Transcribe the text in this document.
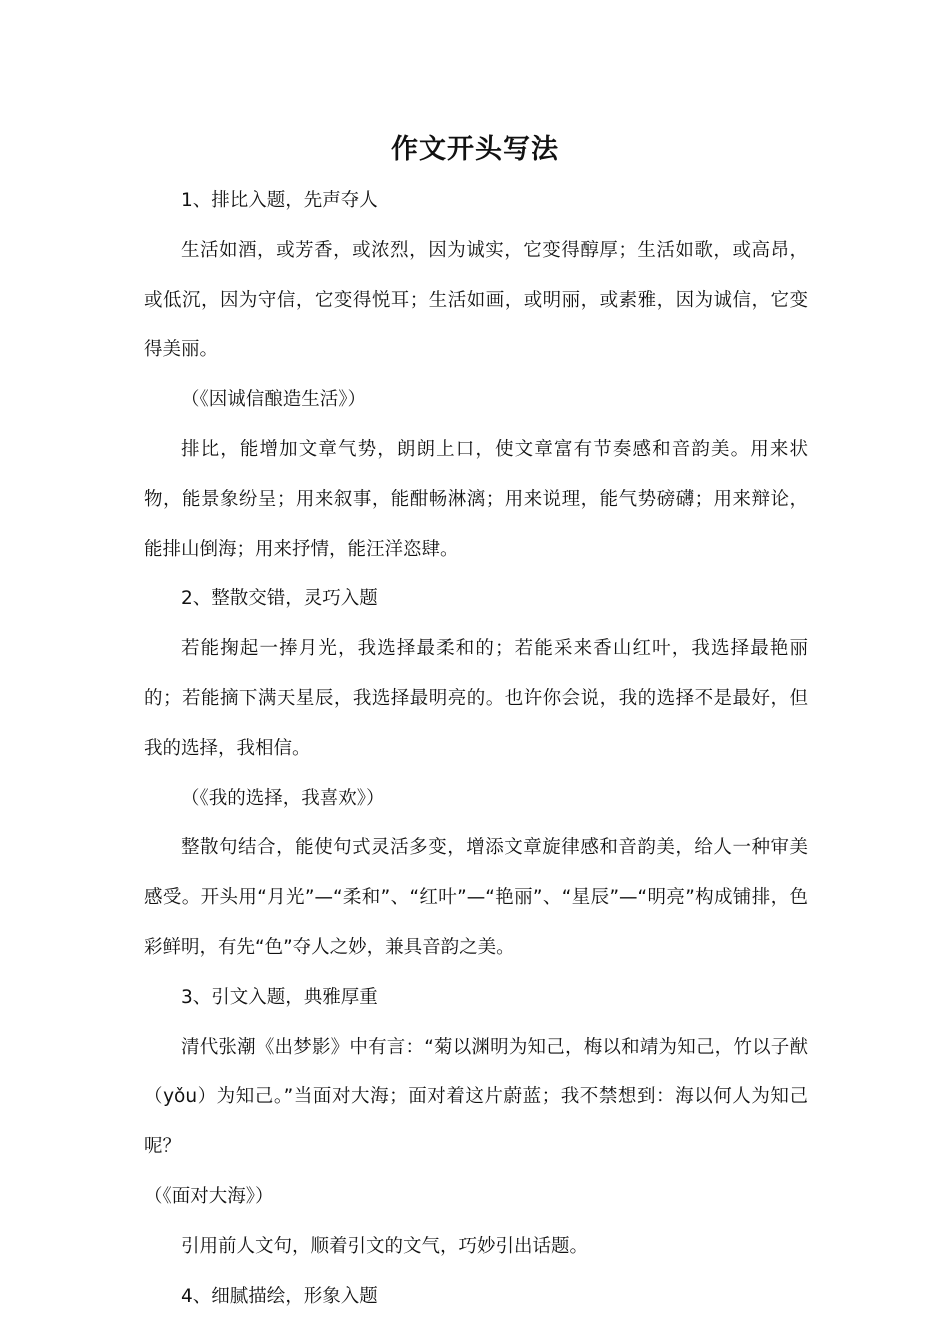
作文开头写法

1、排比入题，先声夺人

生活如酒，或芳香，或浓烈，因为诚实，它变得醇厚；生活如歌，或高昂，或低沉，因为守信，它变得悦耳；生活如画，或明丽，或素雅，因为诚信，它变得美丽。

（《因诚信酿造生活》）

排比，能增加文章气势，朗朗上口，使文章富有节奏感和音韵美。用来状物，能景象纷呈；用来叙事，能酣畅淋漓；用来说理，能气势磅礴；用来辩论，能排山倒海；用来抒情，能汪洋恣肆。

2、整散交错，灵巧入题

若能掬起一捧月光，我选择最柔和的；若能采来香山红叶，我选择最艳丽的；若能摘下满天星辰，我选择最明亮的。也许你会说，我的选择不是最好，但我的选择，我相信。

（《我的选择，我喜欢》）

整散句结合，能使句式灵活多变，增添文章旋律感和音韵美，给人一种审美感受。开头用“月光”—“柔和”、“红叶”—“艳丽”、“星辰”—“明亮”构成铺排，色彩鲜明，有先“色”夺人之妙，兼具音韵之美。

3、引文入题，典雅厚重

清代张潮《出梦影》中有言：“菊以渊明为知己，梅以和靖为知己，竹以子猷（yǒu）为知己。”当面对大海；面对着这片蔚蓝；我不禁想到：海以何人为知己呢？

（《面对大海》）

引用前人文句，顺着引文的文气，巧妙引出话题。

4、细腻描绘，形象入题
